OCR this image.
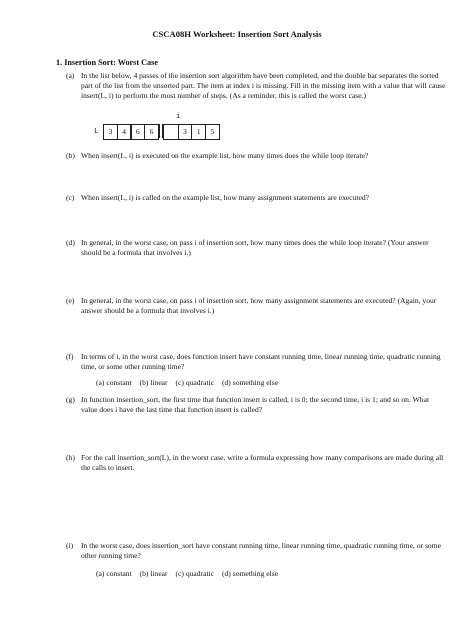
CSCA08H Worksheet: Insertion Sort Analysis
1. Insertion Sort: Worst Case
(a) In the list below, 4 passes of the insertion sort algorithm have been completed, and the double bar separates the sorted part of the list from the unsorted part. The item at index i is missing. Fill in the missing item with a value that will cause insert(L, i) to perform the most number of steps. (As a reminder, this is called the worst case.)
i
L	3	4	6	6	3	1	5
(b) When insert(L, i) is executed on the example list, how many times does the while loop iterate?
(c) When insert(L, i) is called on the example list, how many assignment statements are executed?
(d) In general, in the worst case, on pass i of insertion sort, how many times does the while loop iterate? (Your answer should be a formula that involves i.)
(e) In general, in the worst case, on pass i of insertion sort, how many assignment statements are executed? (Again, your answer should be a formula that involves i.)
(f) In terms of i, in the worst case, does function insert have constant running time, linear running time, quadratic running time, or some other running time?
(a) constant (b) linear (c) quadratic (d) something else
(g) In function insertion_sort, the first time that function insert is called, i is 0; the second time, i is 1; and so on. What value does i have the last time that function insert is called?
(h) For the call insertion_sort(L), in the worst case, write a formula expressing how many comparisons are made during all the calls to insert.
(i) In the worst case, does insertion_sort have constant running time, linear running time, quadratic running time, or some other running time?
(a) constant (b) linear (c) quadratic (d) something else
